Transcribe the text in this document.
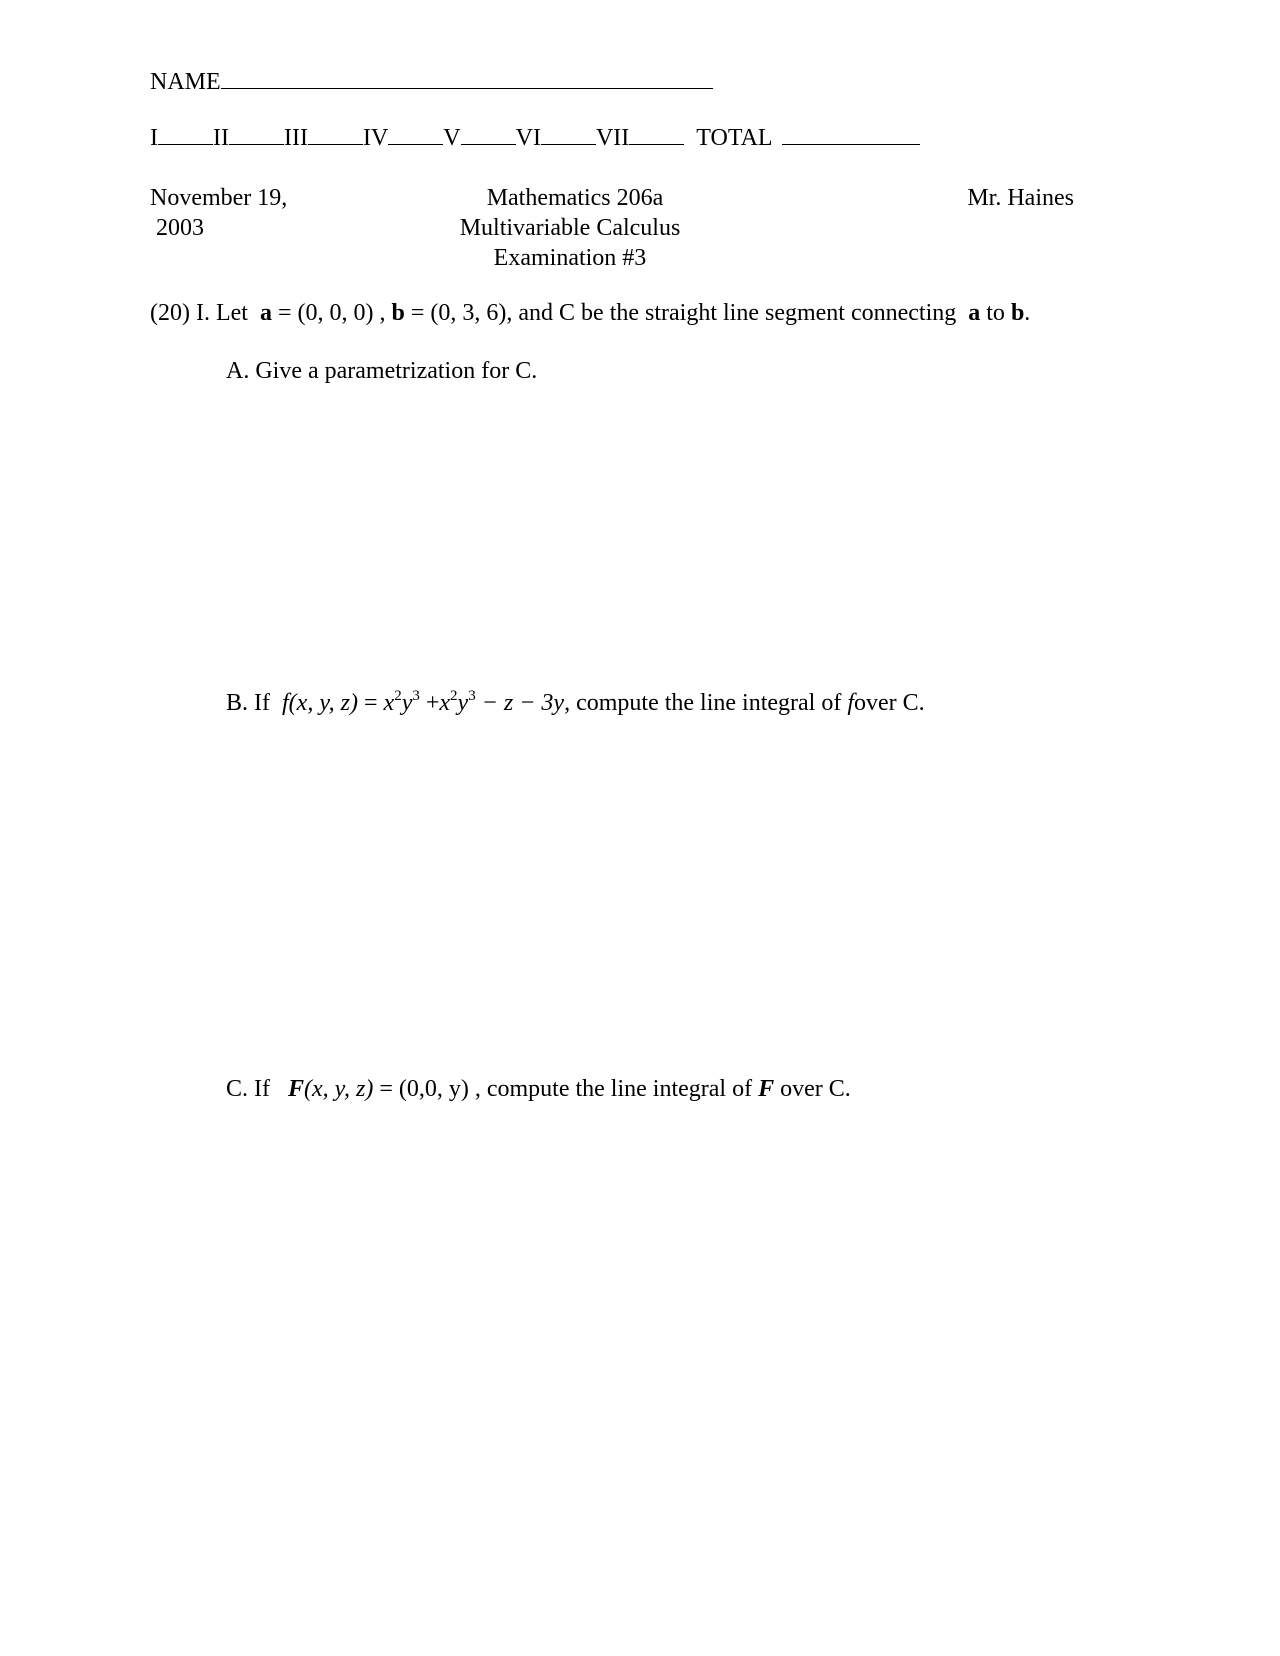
NAME
I II III IV V VI VII	TOTAL
November 19,
2003
Mathematics 206a
Multivariable Calculus
Examination #3
Mr. Haines
(20) I. Let a = (0, 0, 0) , b = (0, 3, 6), and C be the straight line segment connecting a to b.
A. Give a parametrization for C.
B. If f(x, y, $z) = x^2y^3 +x^2y^3 - z - 3y$, compute the line integral of fover C.
C. If F(x, y, z) = (0,0, y) , compute the line integral of F over C.
